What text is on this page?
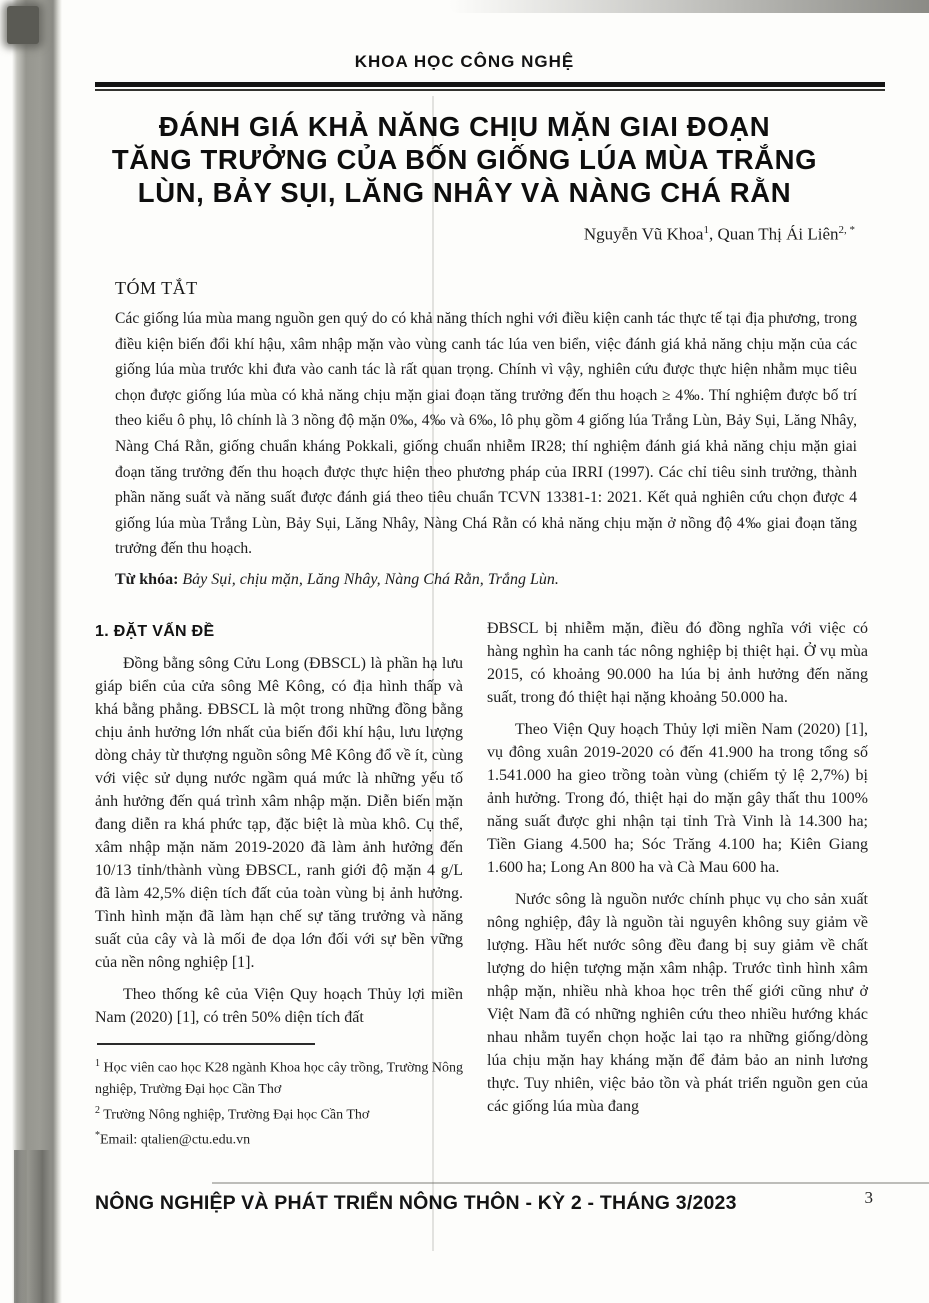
KHOA HỌC CÔNG NGHỆ
ĐÁNH GIÁ KHẢ NĂNG CHỊU MẶN GIAI ĐOẠN
TĂNG TRƯỞNG CỦA BỐN GIỐNG LÚA MÙA TRẮNG
LÙN, BẢY SỤI, LĂNG NHÂY VÀ NÀNG CHÁ RẰN
Nguyễn Vũ Khoa$^1$, Quan Thị Ái Liên$^{2, *}$
TÓM TẮT
Các giống lúa mùa mang nguồn gen quý do có khả năng thích nghi với điều kiện canh tác thực tế tại địa phương, trong điều kiện biến đổi khí hậu, xâm nhập mặn vào vùng canh tác lúa ven biển, việc đánh giá khả năng chịu mặn của các giống lúa mùa trước khi đưa vào canh tác là rất quan trọng. Chính vì vậy, nghiên cứu được thực hiện nhằm mục tiêu chọn được giống lúa mùa có khả năng chịu mặn giai đoạn tăng trưởng đến thu hoạch ≥ 4‰. Thí nghiệm được bố trí theo kiểu ô phụ, lô chính là 3 nồng độ mặn 0‰, 4‰ và 6‰, lô phụ gồm 4 giống lúa Trắng Lùn, Bảy Sụi, Lăng Nhây, Nàng Chá Rằn, giống chuẩn kháng Pokkali, giống chuẩn nhiễm IR28; thí nghiệm đánh giá khả năng chịu mặn giai đoạn tăng trưởng đến thu hoạch được thực hiện theo phương pháp của IRRI (1997). Các chỉ tiêu sinh trưởng, thành phần năng suất và năng suất được đánh giá theo tiêu chuẩn TCVN 13381-1: 2021. Kết quả nghiên cứu chọn được 4 giống lúa mùa Trắng Lùn, Bảy Sụi, Lăng Nhây, Nàng Chá Rằn có khả năng chịu mặn ở nồng độ 4‰ giai đoạn tăng trưởng đến thu hoạch.
Từ khóa: Bảy Sụi, chịu mặn, Lăng Nhây, Nàng Chá Rằn, Trắng Lùn.

1. ĐẶT VẤN ĐỀ

Đồng bằng sông Cửu Long (ĐBSCL) là phần hạ lưu giáp biển của cửa sông Mê Kông, có địa hình thấp và khá bằng phẳng. ĐBSCL là một trong những đồng bằng chịu ảnh hưởng lớn nhất của biến đổi khí hậu, lưu lượng dòng chảy từ thượng nguồn sông Mê Kông đổ về ít, cùng với việc sử dụng nước ngầm quá mức là những yếu tố ảnh hưởng đến quá trình xâm nhập mặn. Diễn biến mặn đang diễn ra khá phức tạp, đặc biệt là mùa khô. Cụ thể, xâm nhập mặn năm 2019-2020 đã làm ảnh hưởng đến 10/13 tỉnh/thành vùng ĐBSCL, ranh giới độ mặn 4 g/L đã làm 42,5% diện tích đất của toàn vùng bị ảnh hưởng. Tình hình mặn đã làm hạn chế sự tăng trưởng và năng suất của cây và là mối đe dọa lớn đối với sự bền vững của nền nông nghiệp [1].

Theo thống kê của Viện Quy hoạch Thủy lợi miền Nam (2020) [1], có trên 50% diện tích đất

$^1$ Học viên cao học K28 ngành Khoa học cây trồng, Trường Nông nghiệp, Trường Đại học Cần Thơ

$^2$ Trường Nông nghiệp, Trường Đại học Cần Thơ

*Email: qtalien@ctu.edu.vn

ĐBSCL bị nhiễm mặn, điều đó đồng nghĩa với việc có hàng nghìn ha canh tác nông nghiệp bị thiệt hại. Ở vụ mùa 2015, có khoảng 90.000 ha lúa bị ảnh hưởng đến năng suất, trong đó thiệt hại nặng khoảng 50.000 ha.

Theo Viện Quy hoạch Thủy lợi miền Nam (2020) [1], vụ đông xuân 2019-2020 có đến 41.900 ha trong tổng số 1.541.000 ha gieo trồng toàn vùng (chiếm tỷ lệ 2,7%) bị ảnh hưởng. Trong đó, thiệt hại do mặn gây thất thu 100% năng suất được ghi nhận tại tỉnh Trà Vinh là 14.300 ha; Tiền Giang 4.500 ha; Sóc Trăng 4.100 ha; Kiên Giang 1.600 ha; Long An 800 ha và Cà Mau 600 ha.

Nước sông là nguồn nước chính phục vụ cho sản xuất nông nghiệp, đây là nguồn tài nguyên không suy giảm về lượng. Hầu hết nước sông đều đang bị suy giảm về chất lượng do hiện tượng mặn xâm nhập. Trước tình hình xâm nhập mặn, nhiều nhà khoa học trên thế giới cũng như ở Việt Nam đã có những nghiên cứu theo nhiều hướng khác nhau nhằm tuyển chọn hoặc lai tạo ra những giống/dòng lúa chịu mặn hay kháng mặn để đảm bảo an ninh lương thực. Tuy nhiên, việc bảo tồn và phát triển nguồn gen của các giống lúa mùa đang

NÔNG NGHIỆP VÀ PHÁT TRIỂN NÔNG THÔN - KỲ 2 - THÁNG 3/2023	3
